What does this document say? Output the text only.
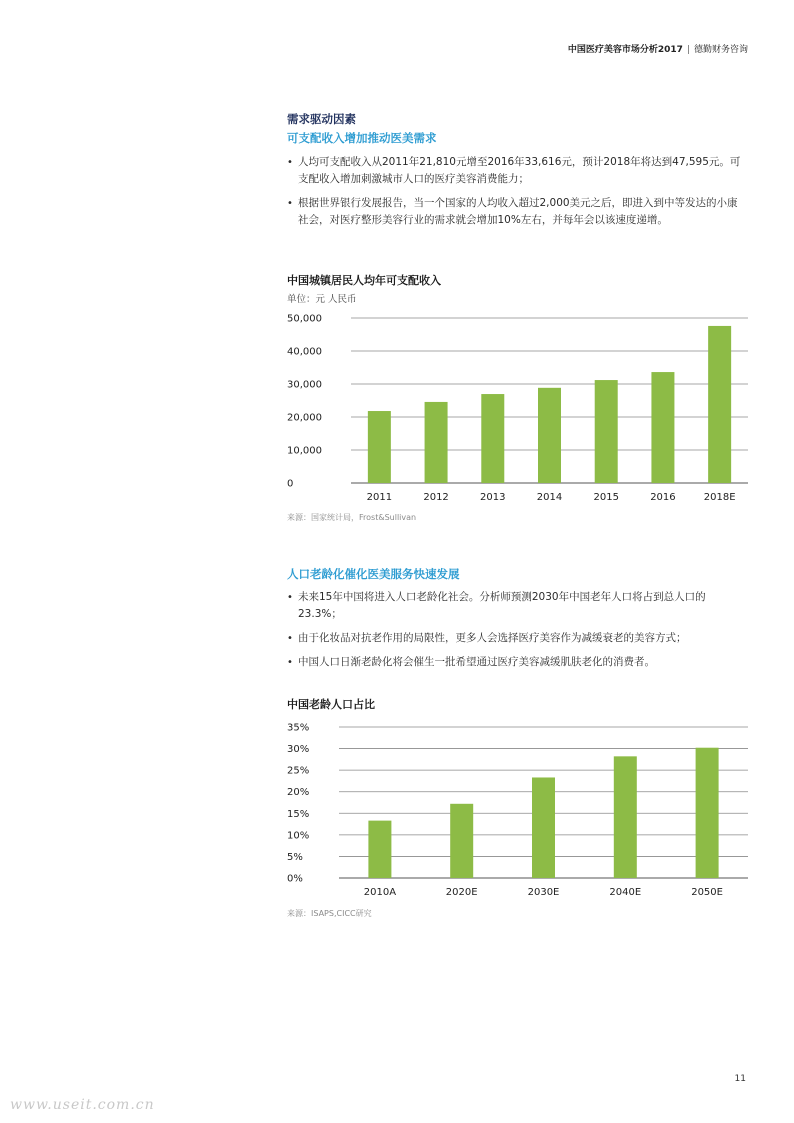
中国医疗美容市场分析2017 | 德勤财务咨询
需求驱动因素
可支配收入增加推动医美需求
• 人均可支配收入从2011年21,810元增至2016年33,616元，预计2018年将达到47,595元。可支配收入增加刺激城市人口的医疗美容消费能力；
• 根据世界银行发展报告，当一个国家的人均收入超过2,000美元之后，即进入到中等发达的小康社会，对医疗整形美容行业的需求就会增加10%左右，并每年会以该速度递增。
中国城镇居民人均年可支配收入
单位：元 人民币
0
10,000
20,000
30,000
40,000
50,000
2011	2012	2013	2014	2015	2016	2018E
来源：国家统计局，Frost&Sullivan
人口老龄化催化医美服务快速发展
• 未来15年中国将进入人口老龄化社会。分析师预测2030年中国老年人口将占到总人口的23.3%；
• 由于化妆品对抗老作用的局限性，更多人会选择医疗美容作为减缓衰老的美容方式；
• 中国人口日渐老龄化将会催生一批希望通过医疗美容减缓肌肤老化的消费者。
中国老龄人口占比
0%
5%
10%
15%
20%
25%
30%
35%
2010A	2020E	2030E	2040E	2050E
来源：ISAPS,CICC研究
11
www.useit.com.cn
